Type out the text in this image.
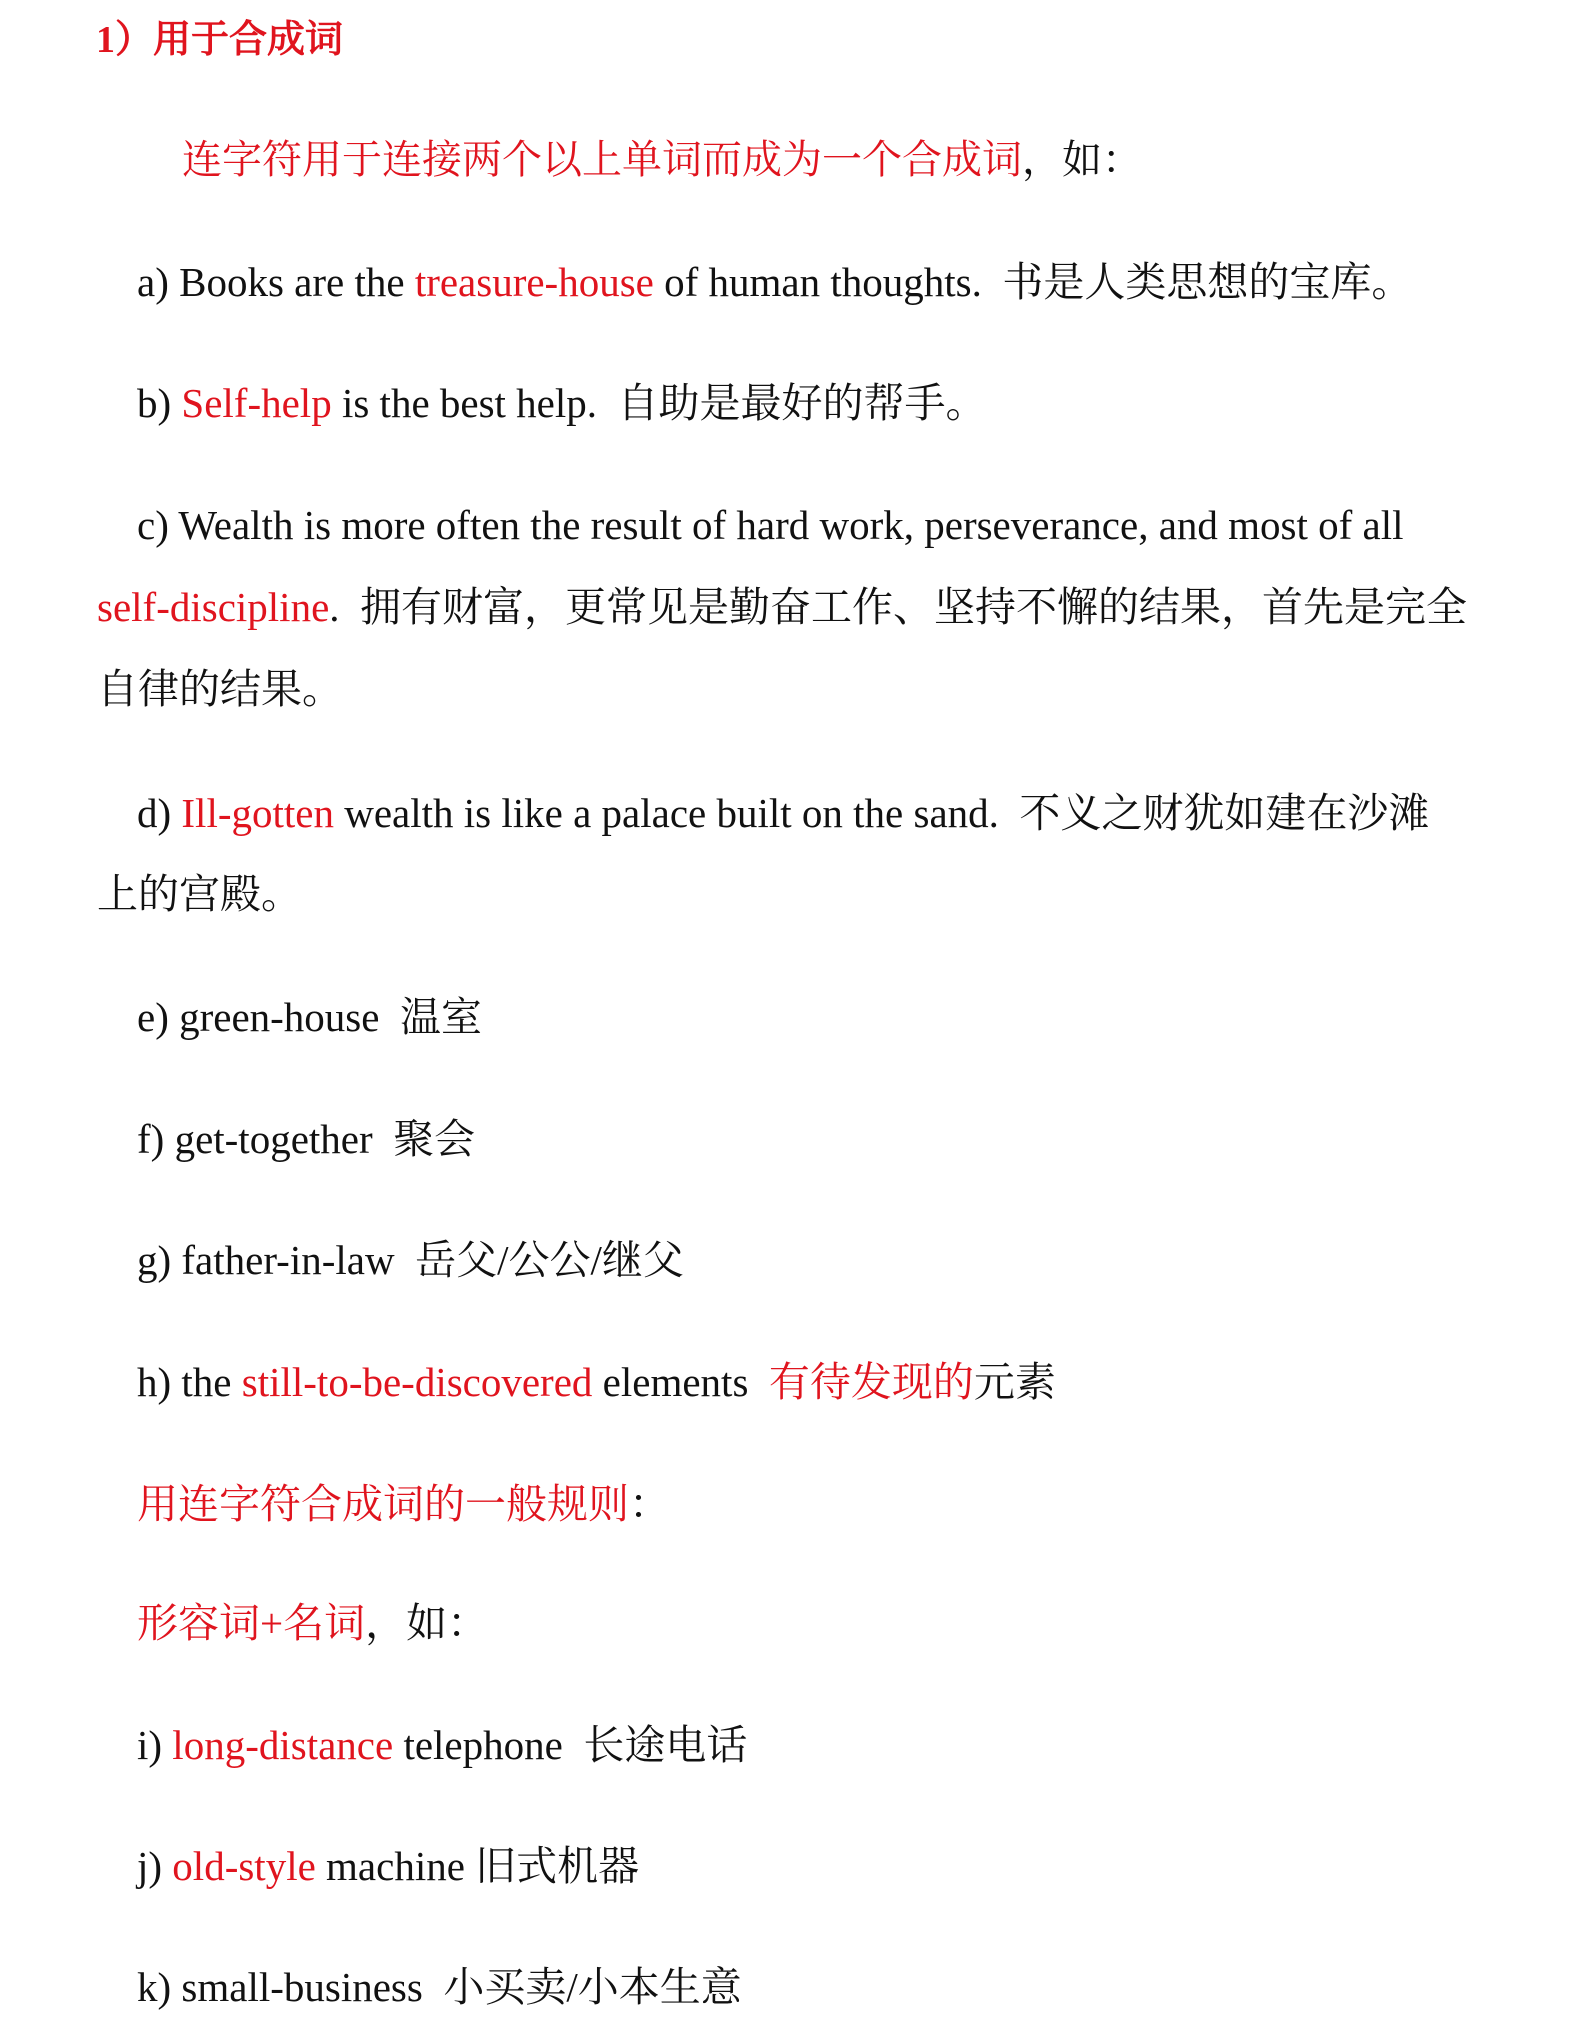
1）用于合成词
连字符用于连接两个以上单词而成为一个合成词，如：
a) Books are the treasure-house of human thoughts. 书是人类思想的宝库。
b) Self-help is the best help. 自助是最好的帮手。
c) Wealth is more often the result of hard work, perseverance, and most of all
self-discipline. 拥有财富，更常见是勤奋工作、坚持不懈的结果，首先是完全
自律的结果。
d) Ill-gotten wealth is like a palace built on the sand. 不义之财犹如建在沙滩
上的宫殿。
e) green-house 温室
f) get-together 聚会
g) father-in-law 岳父/公公/继父
h) the still-to-be-discovered elements 有待发现的元素
用连字符合成词的一般规则：
形容词+名词，如：
i) long-distance telephone 长途电话
j) old-style machine 旧式机器
k) small-business 小买卖/小本生意
